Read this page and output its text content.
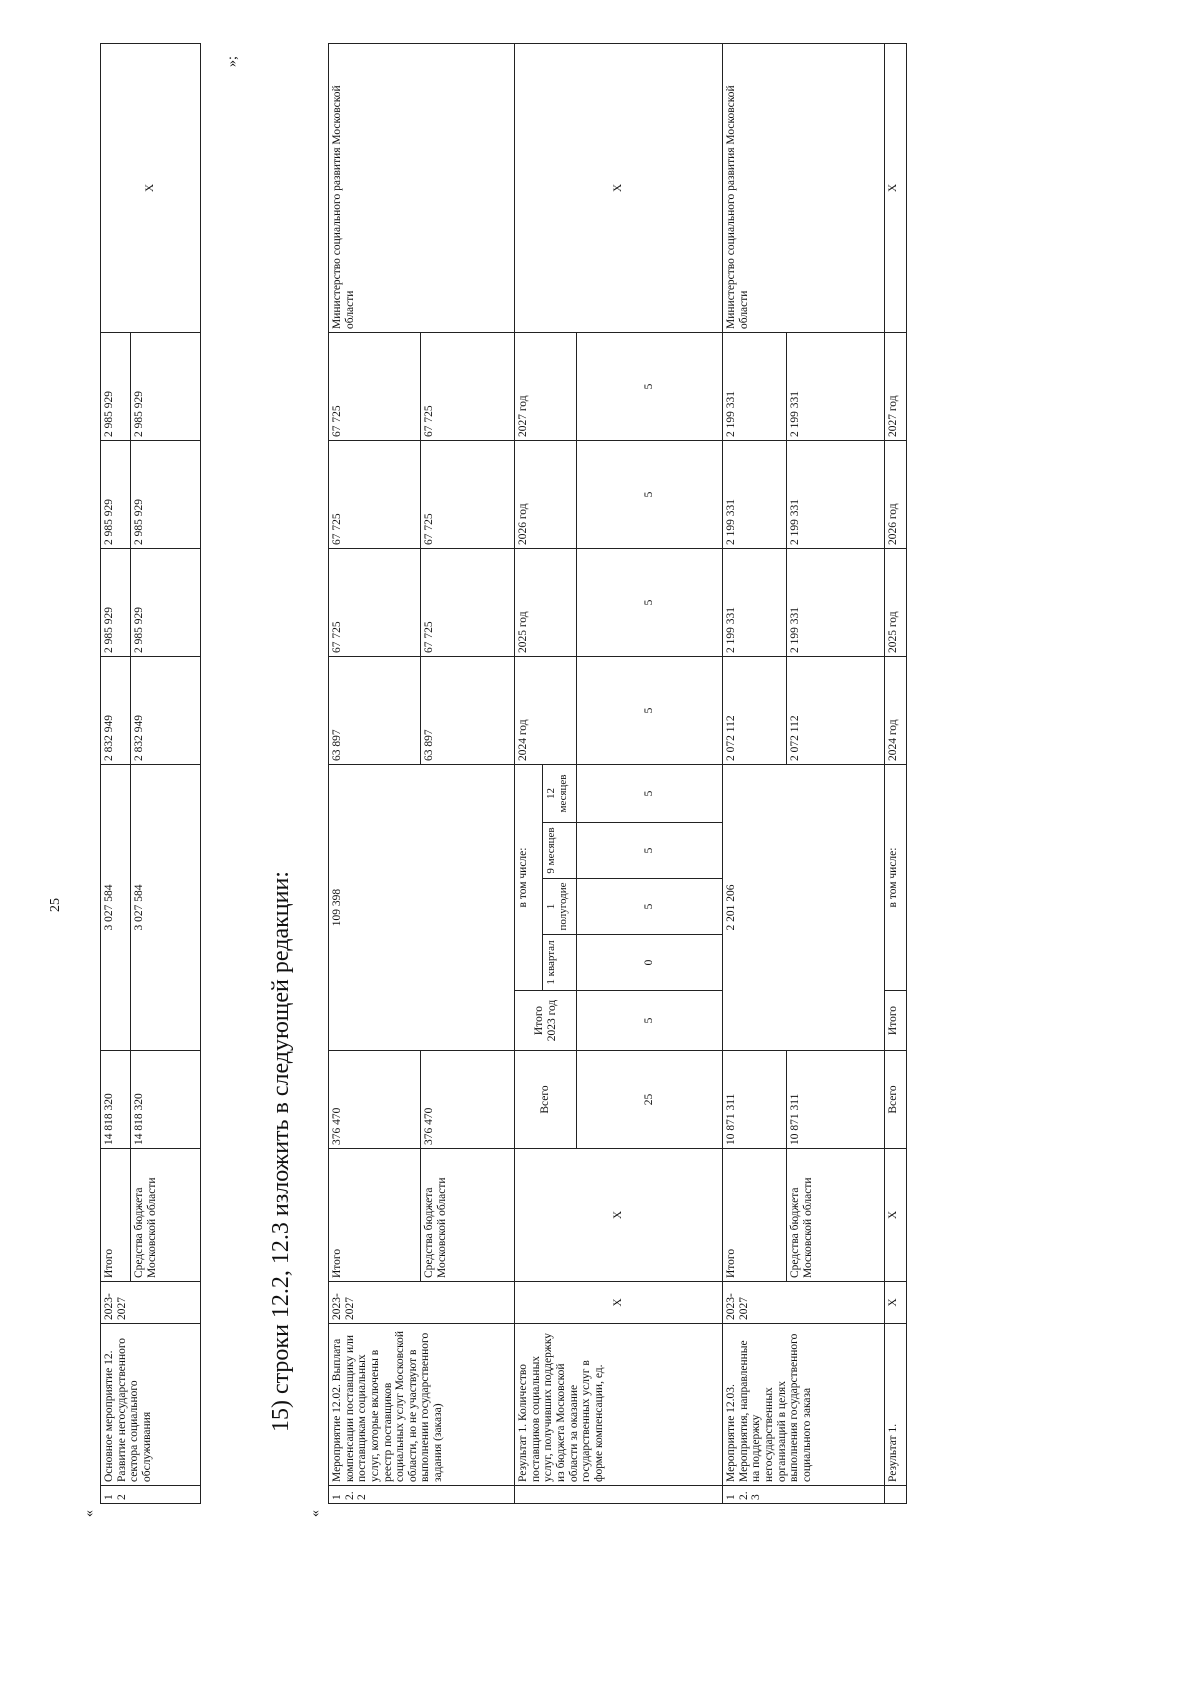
25
«
12	Основное мероприятие 12. Развитие негосударственного сектора социального обслуживания	2023-2027	Итого	14 818 320	3 027 584	2 832 949	2 985 929	2 985 929	2 985 929	Х
			Средства бюджета Московской области	14 818 320	3 027 584	2 832 949	2 985 929	2 985 929	2 985 929	
»;
15) строки 12.2, 12.3 изложить в следующей редакции:
«
12.2	Мероприятие 12.02. Выплата компенсации поставщику или поставщикам социальных услуг, которые включены в реестр поставщиков социальных услуг Московской области, но не участвуют в выполнении государственного задания (заказа)	2023-2027	Итого	376 470	109 398					63 897	67 725	67 725	67 725	Министерство социального развития Московской области
			Средства бюджета Московской области	376 470						63 897	67 725	67 725	67 725	
	Результат 1. Количество поставщиков социальных услуг, получивших поддержку из бюджета Московской области за оказание государственных услуг в форме компенсации, ед.	Х	Х	Всего	Итого 2023 год	в том числе:				2024 год	2025 год	2026 год	2027 год	Х
						1 квартал	1 полугодие	9 месяцев	12 месяцев					
				25	5	0	5	5	5	5	5	5	5	
12.3	Мероприятие 12.03. Мероприятия, направленные на поддержку негосударственных организаций в целях выполнения государственного социального заказа	2023-2027	Итого	10 871 311	2 201 206					2 072 112	2 199 331	2 199 331	2 199 331	Министерство социального развития Московской области
			Средства бюджета Московской области	10 871 311						2 072 112	2 199 331	2 199 331	2 199 331	
	Результат 1.	Х	Х	Всего	Итого	в том числе:				2024 год	2025 год	2026 год	2027 год	Х
